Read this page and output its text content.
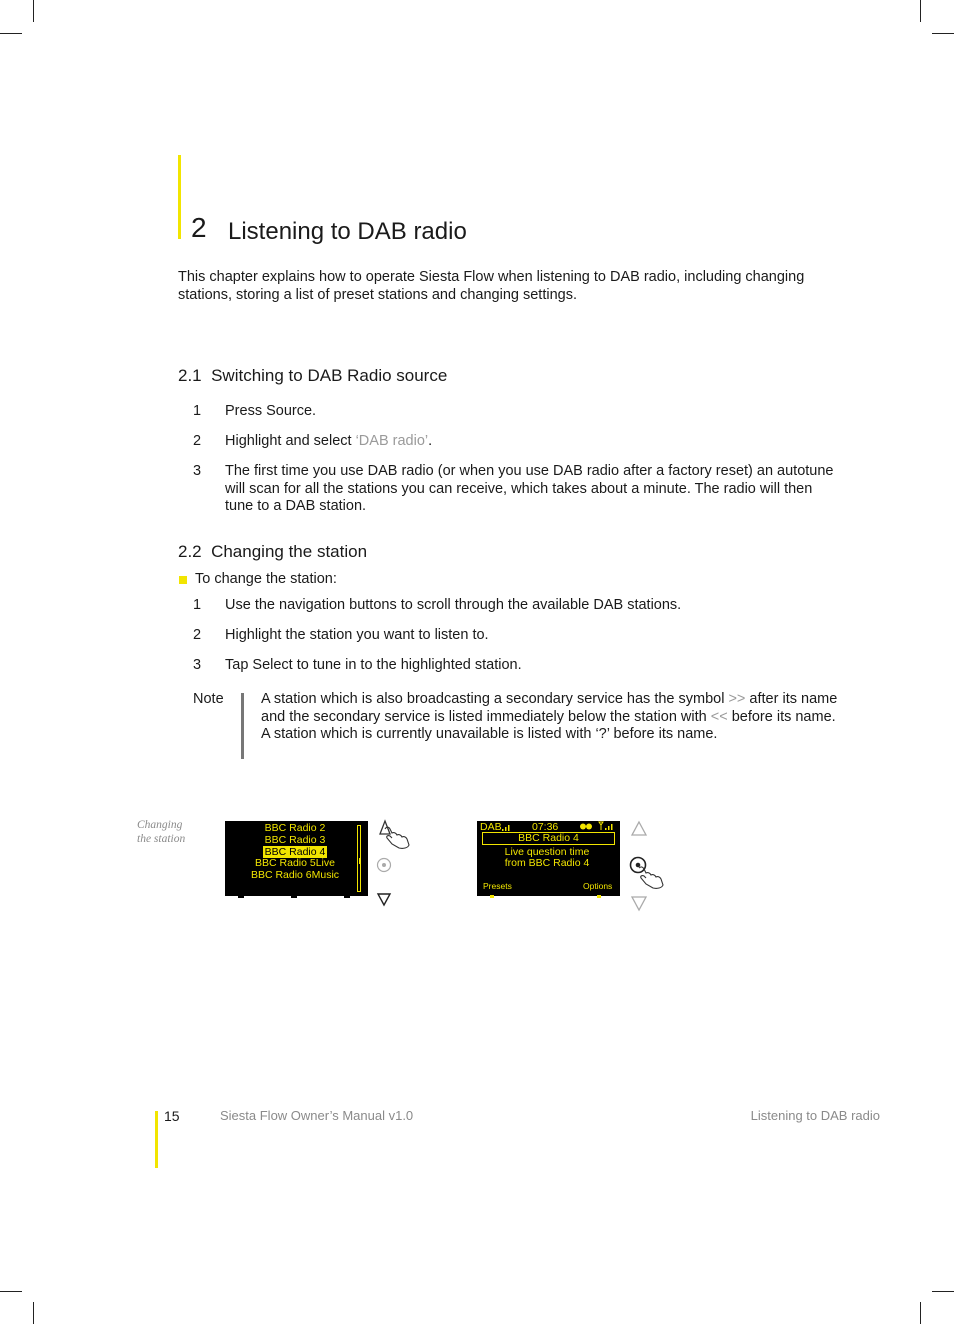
2 Listening to DAB radio
This chapter explains how to operate Siesta Flow when listening to DAB radio, including changing stations, storing a list of preset stations and changing settings.
2.1  Switching to DAB Radio source
1 Press Source.
2 Highlight and select ‘DAB radio’.
3 The first time you use DAB radio (or when you use DAB radio after a factory reset) an autotune will scan for all the stations you can receive, which takes about a minute. The radio will then tune to a DAB station.
2.2  Changing the station
To change the station:
1 Use the navigation buttons to scroll through the available DAB stations.
2 Highlight the station you want to listen to.
3 Tap Select to tune in to the highlighted station.
Note	A station which is also broadcasting a secondary service has the symbol >> after its name and the secondary service is listed immediately below the station with << before its name. A station which is currently unavailable is listed with ‘?’ before its name.
Changing
the station
BBC Radio 2
BBC Radio 3
BBC Radio 4
BBC Radio 5Live
BBC Radio 6Music
DAB	07:36
BBC Radio 4
Live question time
from BBC Radio 4
Presets	Options
15	Siesta Flow Owner’s Manual v1.0	Listening to DAB radio
